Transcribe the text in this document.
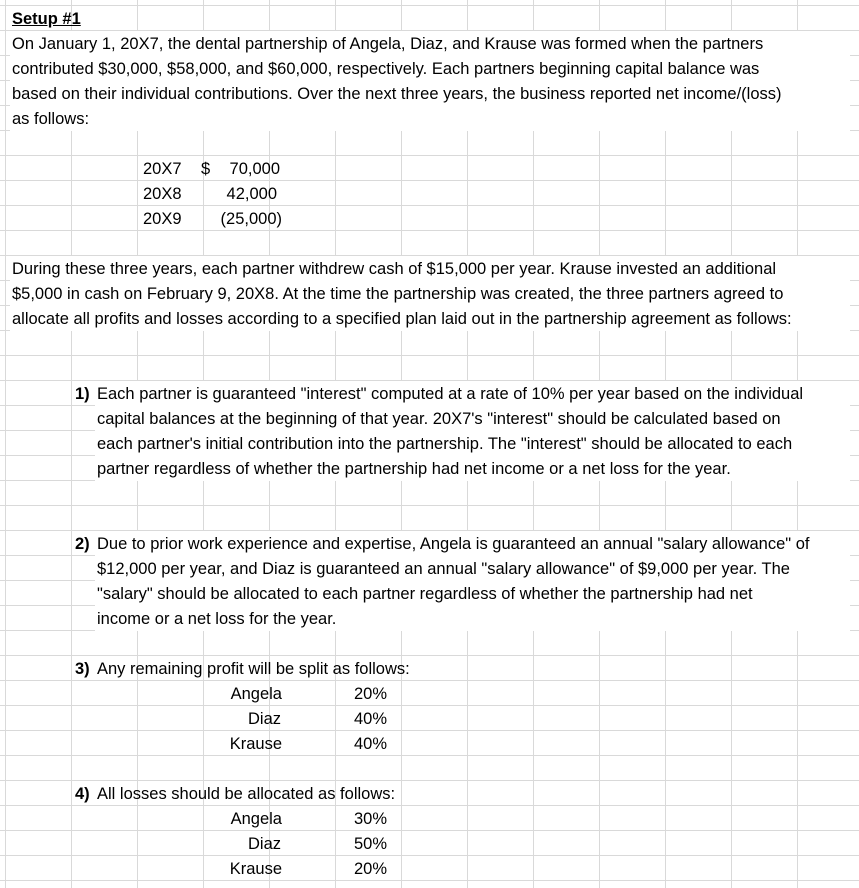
Setup #1
On January 1, 20X7, the dental partnership of Angela, Diaz, and Krause was formed when the partners
contributed $30,000, $58,000, and $60,000, respectively. Each partners beginning capital balance was
based on their individual contributions. Over the next three years, the business reported net income/(loss)
as follows:
20X7 $	70,000
20X8	42,000
20X9	(25,000)
During these three years, each partner withdrew cash of $15,000 per year. Krause invested an additional
$5,000 in cash on February 9, 20X8. At the time the partnership was created, the three partners agreed to
allocate all profits and losses according to a specified plan laid out in the partnership agreement as follows:
1) Each partner is guaranteed "interest" computed at a rate of 10% per year based on the individual
capital balances at the beginning of that year. 20X7's "interest" should be calculated based on
each partner's initial contribution into the partnership. The "interest" should be allocated to each
partner regardless of whether the partnership had net income or a net loss for the year.
2) Due to prior work experience and expertise, Angela is guaranteed an annual "salary allowance" of
$12,000 per year, and Diaz is guaranteed an annual "salary allowance" of $9,000 per year. The
"salary" should be allocated to each partner regardless of whether the partnership had net
income or a net loss for the year.
3) Any remaining profit will be split as follows:
Angela	20%
Diaz	40%
Krause	40%
4) All losses should be allocated as follows:
Angela	30%
Diaz	50%
Krause	20%
